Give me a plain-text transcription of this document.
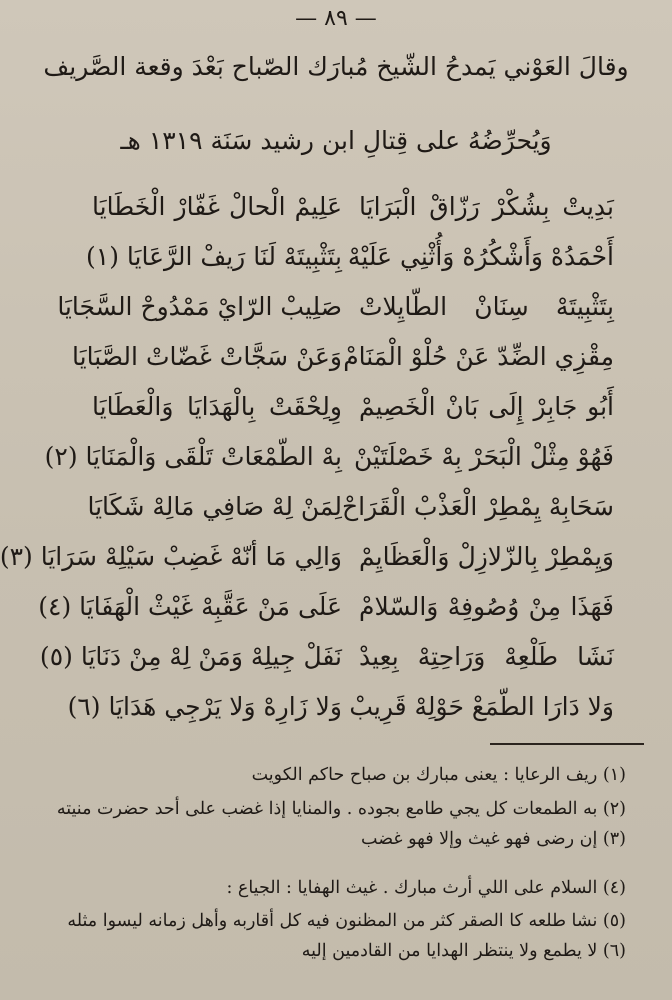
— ٨٩ —
وقالَ العَوْني يَمدحُ الشّيخ مُبارَك الصّباح بَعْدَ وقعة الصَّريف
وَيُحرِّضُهُ على قِتالِ ابن رشيد سَنَة ١٣١٩ هـ
بَدِيتْ بِشُكْرْ رَزّاقْ الْبَرَايَا
عَلِيمْ الْحالْ غَفّارْ الْخَطَايَا
أَحْمَدُهْ وَأَشْكُرُهْ وَأُثْنِي عَلَيْهْ
بِتَثْبِيتَهْ لَنَا رَيفْ الرَّعَايَا (١)
بِتَثْبِيتَهْ سِنَانْ الطّايِلاتْ
صَلِيبْ الرّايْ مَمْدُوحْ السَّجَايَا
مِقْزِي الضِّدّ عَنْ حُلْوْ الْمَنَامْ
وَعَنْ سَجَّاتْ غَضّاتْ الصَّبَايَا
أَبُو جَابِرْ إِلَى بَانْ الْخَصِيمْ
وِلِحْقَتْ بِالْهَدَايَا وَالْعَطَايَا
فَهُوْ مِثْلْ الْبَحَرْ بِهْ خَصْلَتَيْنْ
بِهْ الطّمْعَاتْ تَلْقَى وَالْمَنَايَا (٢)
سَحَابِهْ يِمْطِرْ الْعَذْبْ الْقَرَاحْ
لِمَنْ لِهْ صَافِي مَالِهْ شَكَايَا
وَيِمْطِرْ بِالزّلازِلْ وَالْعَظَايِمْ
وَالِي مَا أنّهْ غَضِبْ سَيْلِهْ سَرَايَا (٣)
فَهَذَا مِنْ وُصُوفِهْ وَالسّلامْ
عَلَى مَنْ عَقَّبِهْ غَيْثْ الْهَفَايَا (٤)
نَشَا طَلْعِهْ وَرَاحِتِهْ بِعِيدْ
نَفَلْ جِيلِهْ وَمَنْ لِهْ مِنْ دَنَايَا (٥)
وَلا دَارَا الطّمَعْ حَوْلِهْ قَرِيبْ
وَلا زَارِهْ وَلا يَرْجِي هَدَايَا (٦)
(١) ريف الرعايا : يعنى مبارك بن صباح حاكم الكويت
(٢) به الطمعات كل يجي طامع بجوده . والمنايا إذا غضب على أحد حضرت منيته
(٣) إن رضى فهو غيث وإلا فهو غضب
(٤) السلام على اللي أرث مبارك . غيث الهفايا : الجياع :
(٥) نشا طلعه كا الصقر كثر من المظنون فيه كل أقاربه وأهل زمانه ليسوا مثله
(٦) لا يطمع ولا ينتظر الهدايا من القادمين إليه
